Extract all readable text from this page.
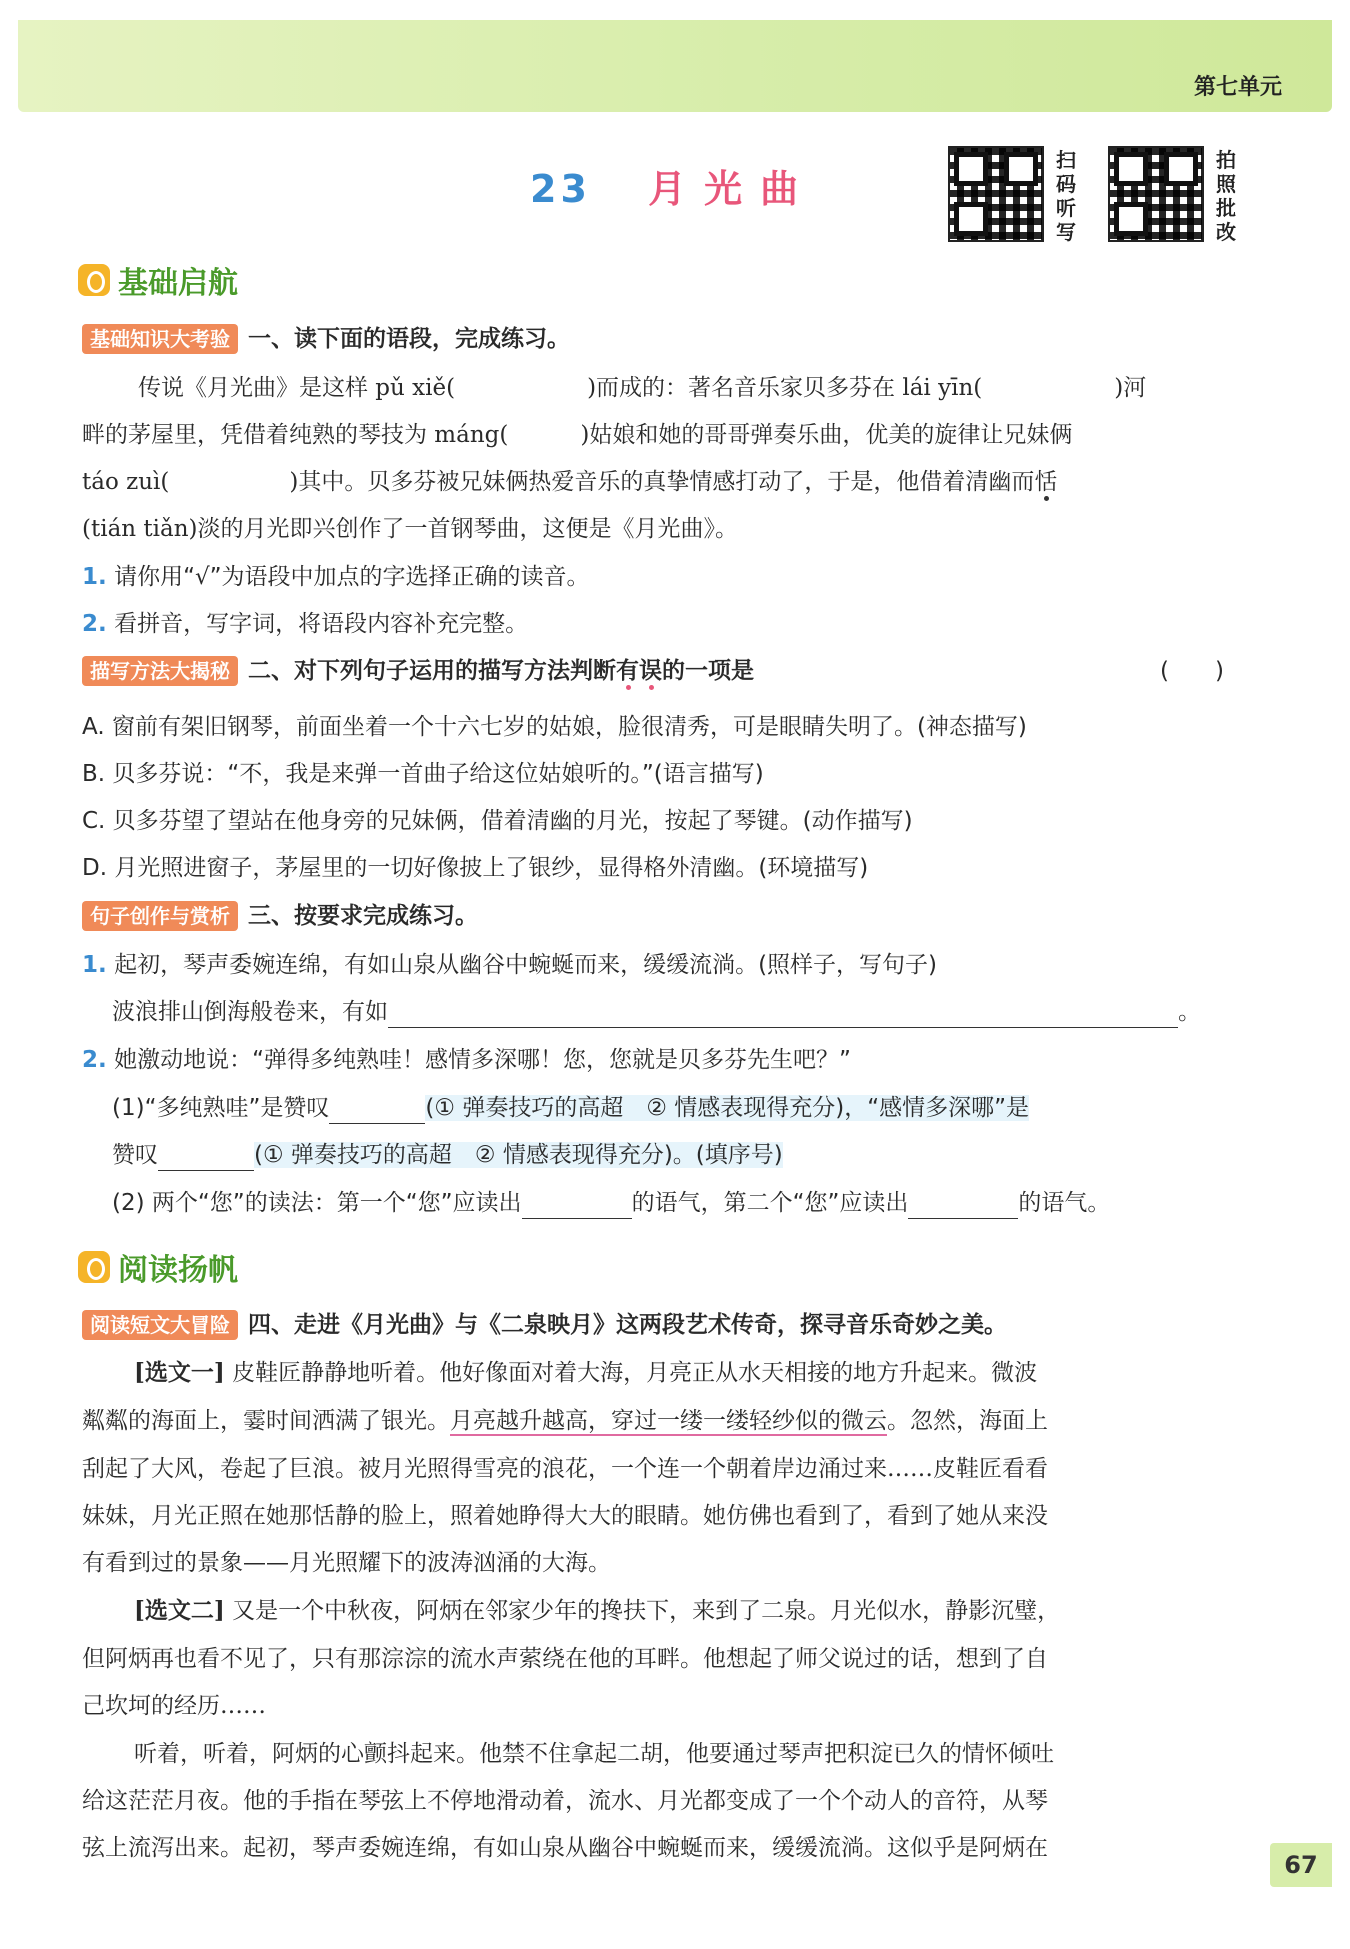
第七单元
23 月 光 曲
扫
码
听
写
拍
照
批
改
基础启航
基础知识大考验 一、读下面的语段，完成练习。
传说《月光曲》是这样 pǔ xiě(	)而成的：著名音乐家贝多芬在 lái yīn(	)河
畔的茅屋里，凭借着纯熟的琴技为 máng(	)姑娘和她的哥哥弹奏乐曲，优美的旋律让兄妹俩
táo zuì(	)其中。贝多芬被兄妹俩热爱音乐的真挚情感打动了，于是，他借着清幽而恬
(tián tiǎn)淡的月光即兴创作了一首钢琴曲，这便是《月光曲》。
1. 请你用“√”为语段中加点的字选择正确的读音。
2. 看拼音，写字词，将语段内容补充完整。
描写方法大揭秘 二、对下列句子运用的描写方法判断有误的一项是	(　　)
A. 窗前有架旧钢琴，前面坐着一个十六七岁的姑娘，脸很清秀，可是眼睛失明了。(神态描写)
B. 贝多芬说：“不，我是来弹一首曲子给这位姑娘听的。”(语言描写)
C. 贝多芬望了望站在他身旁的兄妹俩，借着清幽的月光，按起了琴键。(动作描写)
D. 月光照进窗子，茅屋里的一切好像披上了银纱，显得格外清幽。(环境描写)
句子创作与赏析 三、按要求完成练习。
1. 起初，琴声委婉连绵，有如山泉从幽谷中蜿蜒而来，缓缓流淌。(照样子，写句子)
波浪排山倒海般卷来，有如	。
2. 她激动地说：“弹得多纯熟哇！感情多深哪！您，您就是贝多芬先生吧？”
(1)“多纯熟哇”是赞叹	(① 弹奏技巧的高超　② 情感表现得充分)，“感情多深哪”是
赞叹	(① 弹奏技巧的高超　② 情感表现得充分)。(填序号)
(2) 两个“您”的读法：第一个“您”应读出	的语气，第二个“您”应读出	的语气。
阅读扬帆
阅读短文大冒险 四、走进《月光曲》与《二泉映月》这两段艺术传奇，探寻音乐奇妙之美。
[选文一] 皮鞋匠静静地听着。他好像面对着大海，月亮正从水天相接的地方升起来。微波
粼粼的海面上，霎时间洒满了银光。月亮越升越高，穿过一缕一缕轻纱似的微云。忽然，海面上
刮起了大风，卷起了巨浪。被月光照得雪亮的浪花，一个连一个朝着岸边涌过来……皮鞋匠看看
妹妹，月光正照在她那恬静的脸上，照着她睁得大大的眼睛。她仿佛也看到了，看到了她从来没
有看到过的景象——月光照耀下的波涛汹涌的大海。
[选文二] 又是一个中秋夜，阿炳在邻家少年的搀扶下，来到了二泉。月光似水，静影沉璧，
但阿炳再也看不见了，只有那淙淙的流水声萦绕在他的耳畔。他想起了师父说过的话，想到了自
己坎坷的经历……
听着，听着，阿炳的心颤抖起来。他禁不住拿起二胡，他要通过琴声把积淀已久的情怀倾吐
给这茫茫月夜。他的手指在琴弦上不停地滑动着，流水、月光都变成了一个个动人的音符，从琴
弦上流泻出来。起初，琴声委婉连绵，有如山泉从幽谷中蜿蜒而来，缓缓流淌。这似乎是阿炳在
67
